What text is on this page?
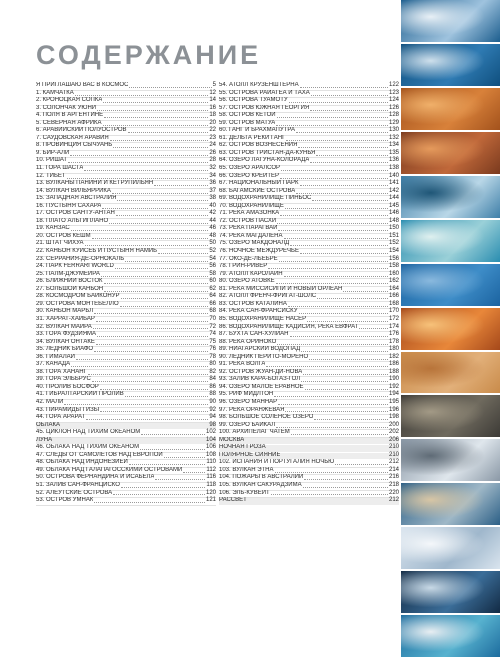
СОДЕРЖАНИЕ
Я ПРИГЛАШАЮ ВАС В КОСМОС	5
1. КАМЧАТКА	12
2. КРОНОЦКАЯ СОПКА	14
3. СОЛОНЧАК УЮНИ	16
4. ПОЛЯ В АРГЕНТИНЕ	18
5. СЕВЕРНАЯ АФРИКА	20
6. АРАВИЙСКИЙ ПОЛУОСТРОВ	22
7. САУДОВСКАЯ АРАВИЯ	23
8. ПРОВИНЦИЯ СЫЧУАНЬ	24
9. БИР-АЛИ	26
10. РИШАТ	28
11. ГОРА ШАСТА	32
12. ТИБЕТ	34
13. ВУЛКАНЫ ПАНИНИ И КЕТРУПИЛЬЯН	36
14. ВУЛКАН ВИЛЬЯРРИКА	37
15. ЗАПАДНАЯ АВСТРАЛИЯ	38
16. ПУСТЫНЯ САХАРА	40
17. ОСТРОВ САНТУ-АНТАН	42
18. ПЛАТО АЛЬТИПЛАНО	44
19. КАНЗАС	46
20. ОСТРОВ КЕШМ	48
21. ШТАТ ЧИХУА	50
22. КАНЬОН КУИСЕБ И ПУСТЫНЯ НАМИБ	52
23. СЕРРАНИЯ-ДЕ-ОРНОКАЛЬ	54
24. ПАРК FERRARI WORLD	56
25. ПАЛМ-ДЖУМЕЙРА	58
26. БЛИЖНИЙ ВОСТОК	60
27. БОЛЬШОЙ КАНЬОН	62
28. КОСМОДРОМ БАЙКОНУР	64
29. ОСТРОВА МОНТЕБЕЛЛО	66
30. КАНЬОН МАРБЛ	68
31. ХАРРАТ-ХАЙБАР	70
32. ВУЛКАН МАЙРА	72
33. ГОРА ФУДЗИЯМА	74
34. ВУЛКАН ОНТАКЕ	75
35. ЛЕДНИК БИАФО	76
36. ГИМАЛАИ	78
37. КАНАДА	80
38. ГОРА ХАНАНГ	82
39. ГОРА ЭЛЬБРУС	84
40. ПРОЛИВ БОСФОР	86
41. ГИБРАЛТАРСКИЙ ПРОЛИВ	88
42. МАЛИ	90
43. ПИРАМИДЫ ГИЗЫ	92
44. ГОРА АРАРАТ	94
ОБЛАКА	98
45. ЦИКЛОН НАД ТИХИМ ОКЕАНОМ	102
ЛУНА	104
46. ОБЛАКА НАД ТИХИМ ОКЕАНОМ	106
47. СЛЕДЫ ОТ САМОЛЕТОВ НАД ЕВРОПОЙ	108
48. ОБЛАКА НАД ИНДОНЕЗИЕЙ	110
49. ОБЛАКА НАД ГАЛАПАГОССКИМИ ОСТРОВАМИ	112
50. ОСТРОВА ФЕРНАНДИНА И ИСАБЕЛА	116
51. ЗАЛИВ САН-ФРАНЦИСКО	118
52. АЛЕУТСКИЕ ОСТРОВА	120
53. ОСТРОВ УМНАК	121
54. АТОЛЛ КРУЗЕНШТЕРНА	122
55. ОСТРОВА РАИАТЕА И ТАХА	123
56. ОСТРОВА ТУАМОТУ	124
57. ОСТРОВ ЮЖНАЯ ГЕОРГИЯ	126
58. ОСТРОВ КЕТОЙ	128
59. ОСТРОВ МАТУА	129
60. ГАНГ И БРАХМАПУТРА	130
61. ДЕЛЬТА РЕКИ ГАНГ	132
62. ОСТРОВ ВОЗНЕСЕНИЯ	134
63. ОСТРОВ ТРИСТАН-ДА-КУНЬЯ	135
64. ОЗЕРО ЛАГУНА-КОЛОРАДА	136
65. ОЗЕРО АРАЛСОР	138
66. ОЗЕРО КРЕЙТЕР	140
67. НАЦИОНАЛЬНЫЙ ПАРК	141
68. БАГАМСКИЕ ОСТРОВА	142
69. ВОДОХРАНИЛИЩЕ ПИНЬОС	144
70. ВОДОХРАНИЛИЩЕ	145
71. РЕКА АМАЗОНКА	146
72. ОСТРОВ ПАСХИ	148
73. РЕКА ПАРАГВАЙ	150
74. РЕКА МАГДАЛЕНА	151
75. ОЗЕРО МАКДОНАЛД	152
76. НОЧНОЕ МЕЖДУРЕЧЬЕ	154
77. ОКО-ДЕ-ЛЬЕБРЕ	156
78. ГРИН-РИВЕР	158
79. АТОЛЛ КАРОЛАЙН	160
80. ОЗЕРО АТОВКЕ	162
81. РЕКА МИССИСИПИ И НОВЫЙ ОРЛЕАН	164
82. АТОЛЛ ФРЕНЧ-ФРИГАТ-ШОЛС	166
83. ОСТРОВ КАТАЛИНА	168
84. РЕКА САН-ФРАНСИСКУ	170
85. ВОДОХРАНИЛИЩЕ НАСЕР	172
86. ВОДОХРАНИЛИЩЕ КАДИСИЯ, РЕКА ЕВФРАТ	174
87. БУХТА САН-ХУЛИАН	176
88. РЕКА ОРИНОКО	178
89. НИАГАРСКИЙ ВОДОПАД	180
90. ЛЕДНИК ПЕРИТО-МОРЕНО	182
91. РЕКА ВОЛГА	186
92. ОСТРОВ ЖУАН-ДИ-НОВА	188
93. ЗАЛИВ КАРА-БОГАЗ-ГОЛ	190
94. ОЗЕРО МАЛОЕ ЕРАВНОЕ	192
95. РИФ МИДЛТОН	194
96. ОЗЕРО МАННАР	195
97. РЕКА ОРАНЖЕВАЯ	196
98. БОЛЬШОЕ СОЛЕНОЕ ОЗЕРО	198
99. ОЗЕРО БАЙКАЛ	200
100. АРХИПЕЛАГ ЧАТЕМ	202
МОСКВА	206
НОЧНАЯ ГРОЗА	210
ПОЛЯРНОЕ СИЯНИЕ	210
102. ИСПАНИЯ И ПОРТУГАЛИЯ НОЧЬЮ	212
103. ВУЛКАН ЭТНА	214
104. ПОЖАРЫ В АВСТРАЛИИ	216
105. ВУЛКАН САКУРАДЗИМА	218
106. ЭЛЬ-КУВЕЙТ	220
РАССВЕТ	212
